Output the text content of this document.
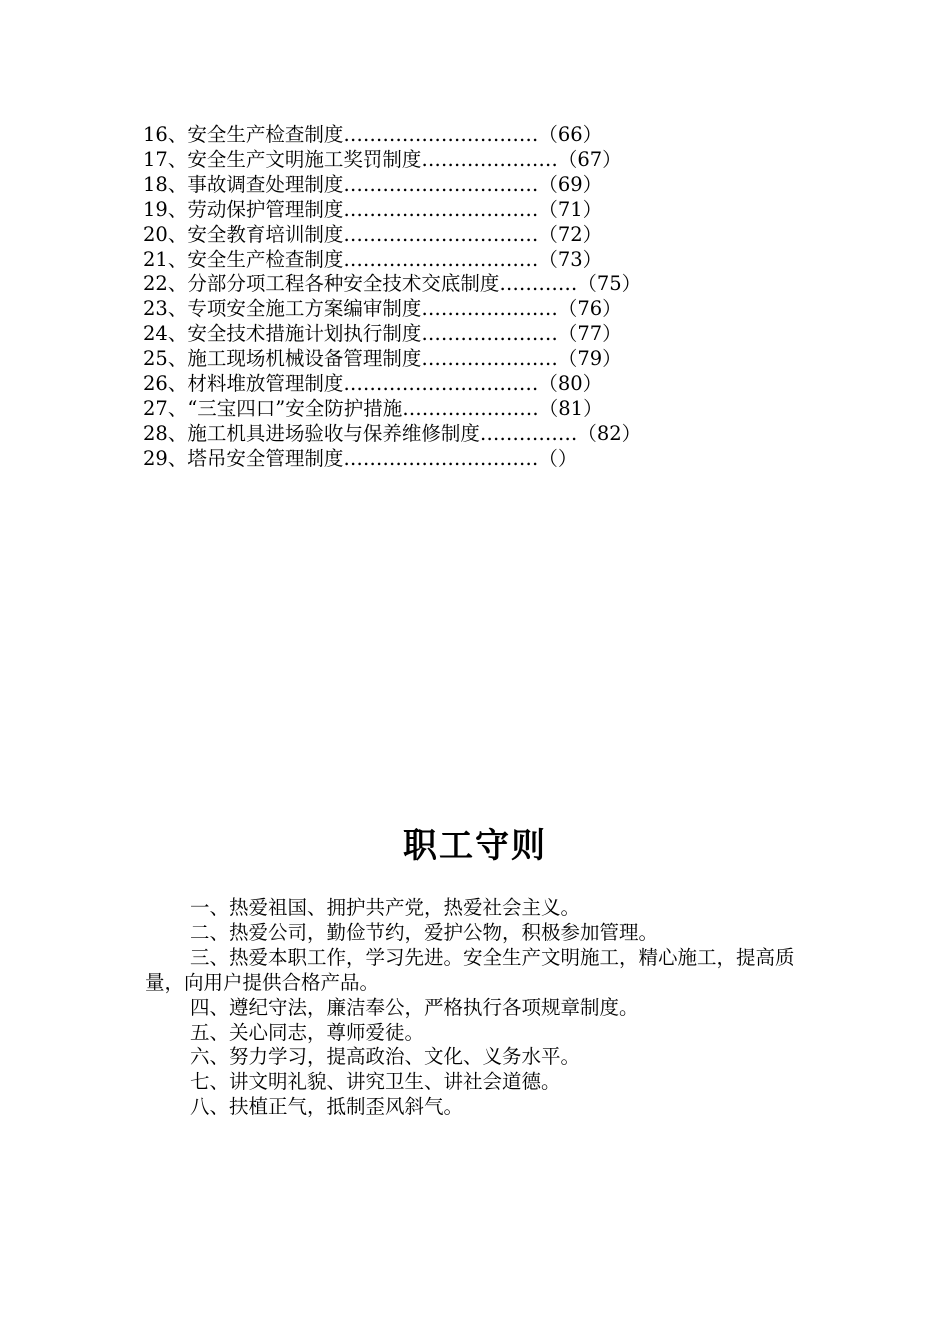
16、安全生产检查制度…………………………（66）
17、安全生产文明施工奖罚制度…………………（67）
18、事故调查处理制度…………………………（69）
19、劳动保护管理制度…………………………（71）
20、安全教育培训制度…………………………（72）
21、安全生产检查制度…………………………（73）
22、分部分项工程各种安全技术交底制度…………（75）
23、专项安全施工方案编审制度…………………（76）
24、安全技术措施计划执行制度…………………（77）
25、施工现场机械设备管理制度…………………（79）
26、材料堆放管理制度…………………………（80）
27、“三宝四口”安全防护措施…………………（81）
28、施工机具进场验收与保养维修制度……………（82）
29、塔吊安全管理制度…………………………（）
职工守则

一、热爱祖国、拥护共产党，热爱社会主义。

二、热爱公司，勤俭节约，爱护公物，积极参加管理。

三、热爱本职工作，学习先进。安全生产文明施工，精心施工，提高质量，向用户提供合格产品。

四、遵纪守法，廉洁奉公，严格执行各项规章制度。

五、关心同志，尊师爱徒。

六、努力学习，提高政治、文化、义务水平。

七、讲文明礼貌、讲究卫生、讲社会道德。

八、扶植正气，抵制歪风斜气。
